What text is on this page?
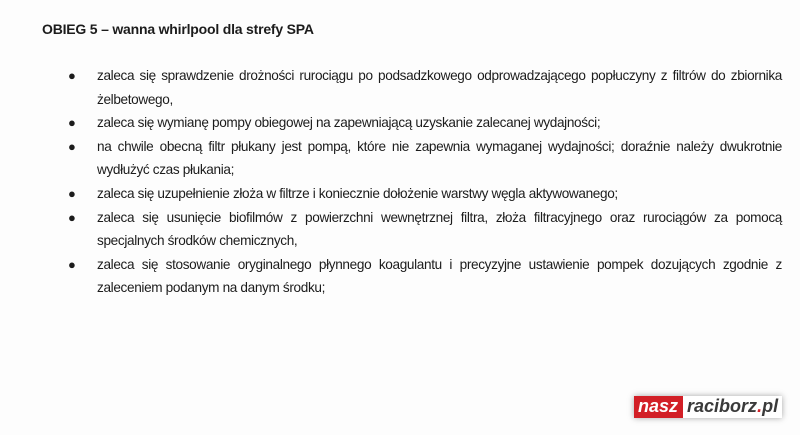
OBIEG 5 – wanna whirlpool dla strefy SPA
● zaleca się sprawdzenie drożności rurociągu po podsadzkowego odprowadzającego popłuczyny z filtrów do zbiornika żelbetowego,
● zaleca się wymianę pompy obiegowej na zapewniającą uzyskanie zalecanej wydajności;
● na chwile obecną filtr płukany jest pompą, które nie zapewnia wymaganej wydajności; doraźnie należy dwukrotnie wydłużyć czas płukania;
● zaleca się uzupełnienie złoża w filtrze i koniecznie dołożenie warstwy węgla aktywowanego;
● zaleca się usunięcie biofilmów z powierzchni wewnętrznej filtra, złoża filtracyjnego oraz rurociągów za pomocą specjalnych środków chemicznych,
● zaleca się stosowanie oryginalnego płynnego koagulantu i precyzyjne ustawienie pompek dozujących zgodnie z zaleceniem podanym na danym środku;
nasz raciborz.pl
